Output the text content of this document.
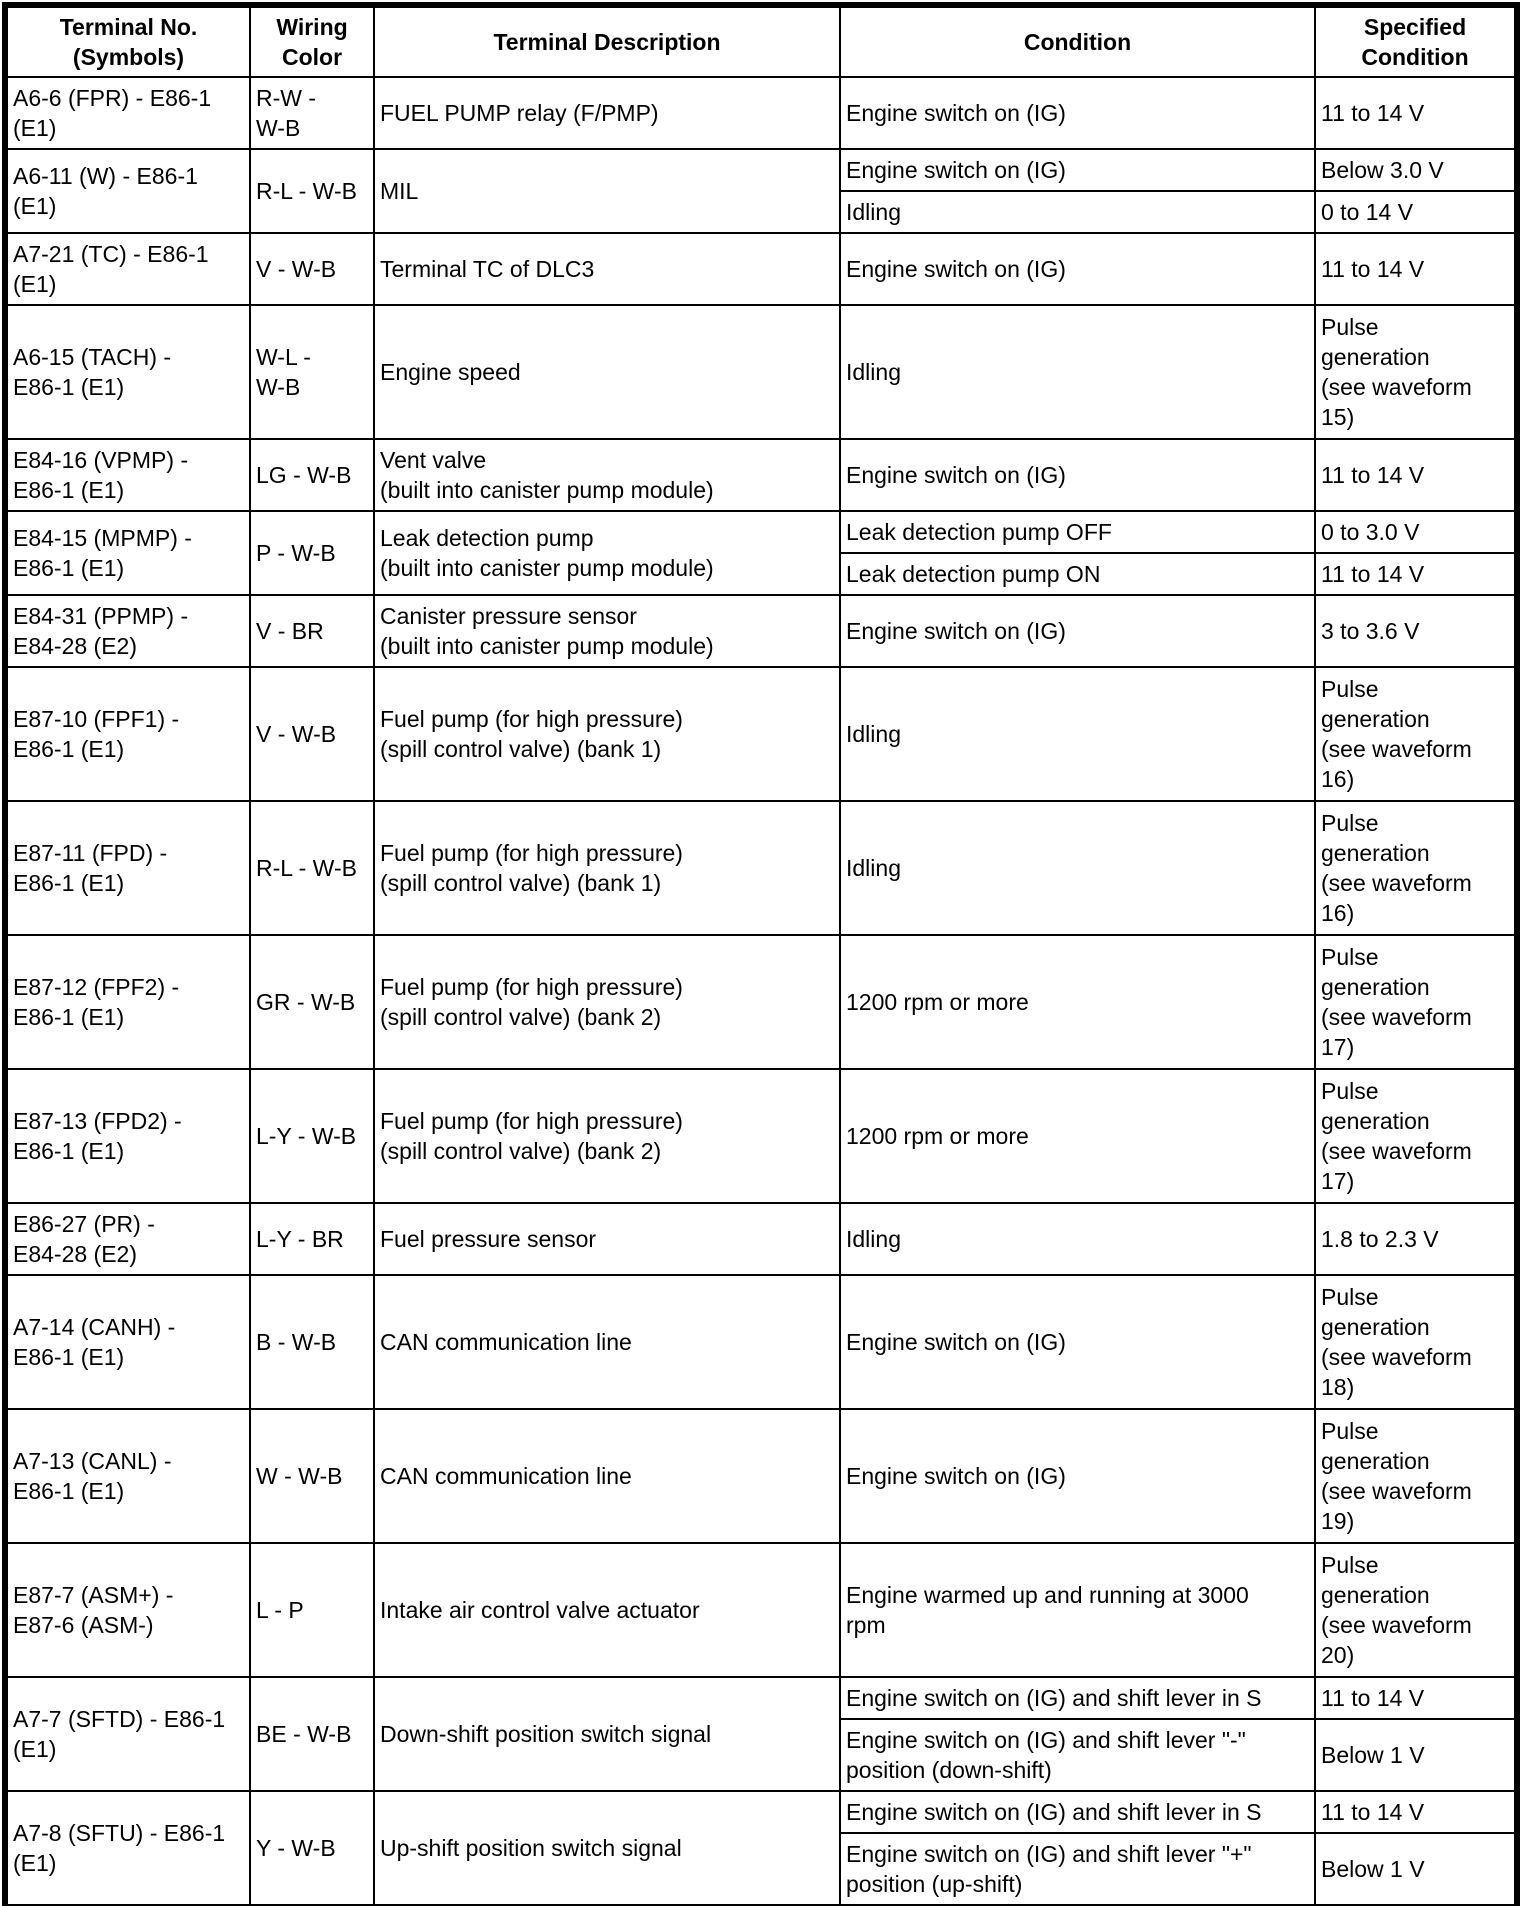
Terminal No.
(Symbols)	Wiring
Color	Terminal Description	Condition	Specified
Condition

A6-6 (FPR) - E86-1
(E1)	R-W -
W-B	FUEL PUMP relay (F/PMP)	Engine switch on (IG)	11 to 14 V

A6-11 (W) - E86-1
(E1)	R-L - W-B	MIL	Engine switch on (IG)	Below 3.0 V

			Idling	0 to 14 V

A7-21 (TC) - E86-1
(E1)	V - W-B	Terminal TC of DLC3	Engine switch on (IG)	11 to 14 V

A6-15 (TACH) -
E86-1 (E1)	W-L -
W-B	Engine speed	Idling	Pulse
generation
(see waveform
15)

E84-16 (VPMP) -
E86-1 (E1)	LG - W-B	Vent valve
(built into canister pump module)	Engine switch on (IG)	11 to 14 V

E84-15 (MPMP) -
E86-1 (E1)	P - W-B	Leak detection pump
(built into canister pump module)	Leak detection pump OFF	0 to 3.0 V

			Leak detection pump ON	11 to 14 V

E84-31 (PPMP) -
E84-28 (E2)	V - BR	Canister pressure sensor
(built into canister pump module)	Engine switch on (IG)	3 to 3.6 V

E87-10 (FPF1) -
E86-1 (E1)	V - W-B	Fuel pump (for high pressure)
(spill control valve) (bank 1)	Idling	Pulse
generation
(see waveform
16)

E87-11 (FPD) -
E86-1 (E1)	R-L - W-B	Fuel pump (for high pressure)
(spill control valve) (bank 1)	Idling	Pulse
generation
(see waveform
16)

E87-12 (FPF2) -
E86-1 (E1)	GR - W-B	Fuel pump (for high pressure)
(spill control valve) (bank 2)	1200 rpm or more	Pulse
generation
(see waveform
17)

E87-13 (FPD2) -
E86-1 (E1)	L-Y - W-B	Fuel pump (for high pressure)
(spill control valve) (bank 2)	1200 rpm or more	Pulse
generation
(see waveform
17)

E86-27 (PR) -
E84-28 (E2)	L-Y - BR	Fuel pressure sensor	Idling	1.8 to 2.3 V

A7-14 (CANH) -
E86-1 (E1)	B - W-B	CAN communication line	Engine switch on (IG)	Pulse
generation
(see waveform
18)

A7-13 (CANL) -
E86-1 (E1)	W - W-B	CAN communication line	Engine switch on (IG)	Pulse
generation
(see waveform
19)

E87-7 (ASM+) -
E87-6 (ASM-)	L - P	Intake air control valve actuator	Engine warmed up and running at 3000
rpm	Pulse
generation
(see waveform
20)

A7-7 (SFTD) - E86-1
(E1)	BE - W-B	Down-shift position switch signal	Engine switch on (IG) and shift lever in S	11 to 14 V

			Engine switch on (IG) and shift lever "-"
position (down-shift)	Below 1 V

A7-8 (SFTU) - E86-1
(E1)	Y - W-B	Up-shift position switch signal	Engine switch on (IG) and shift lever in S	11 to 14 V

			Engine switch on (IG) and shift lever "+"
position (up-shift)	Below 1 V
